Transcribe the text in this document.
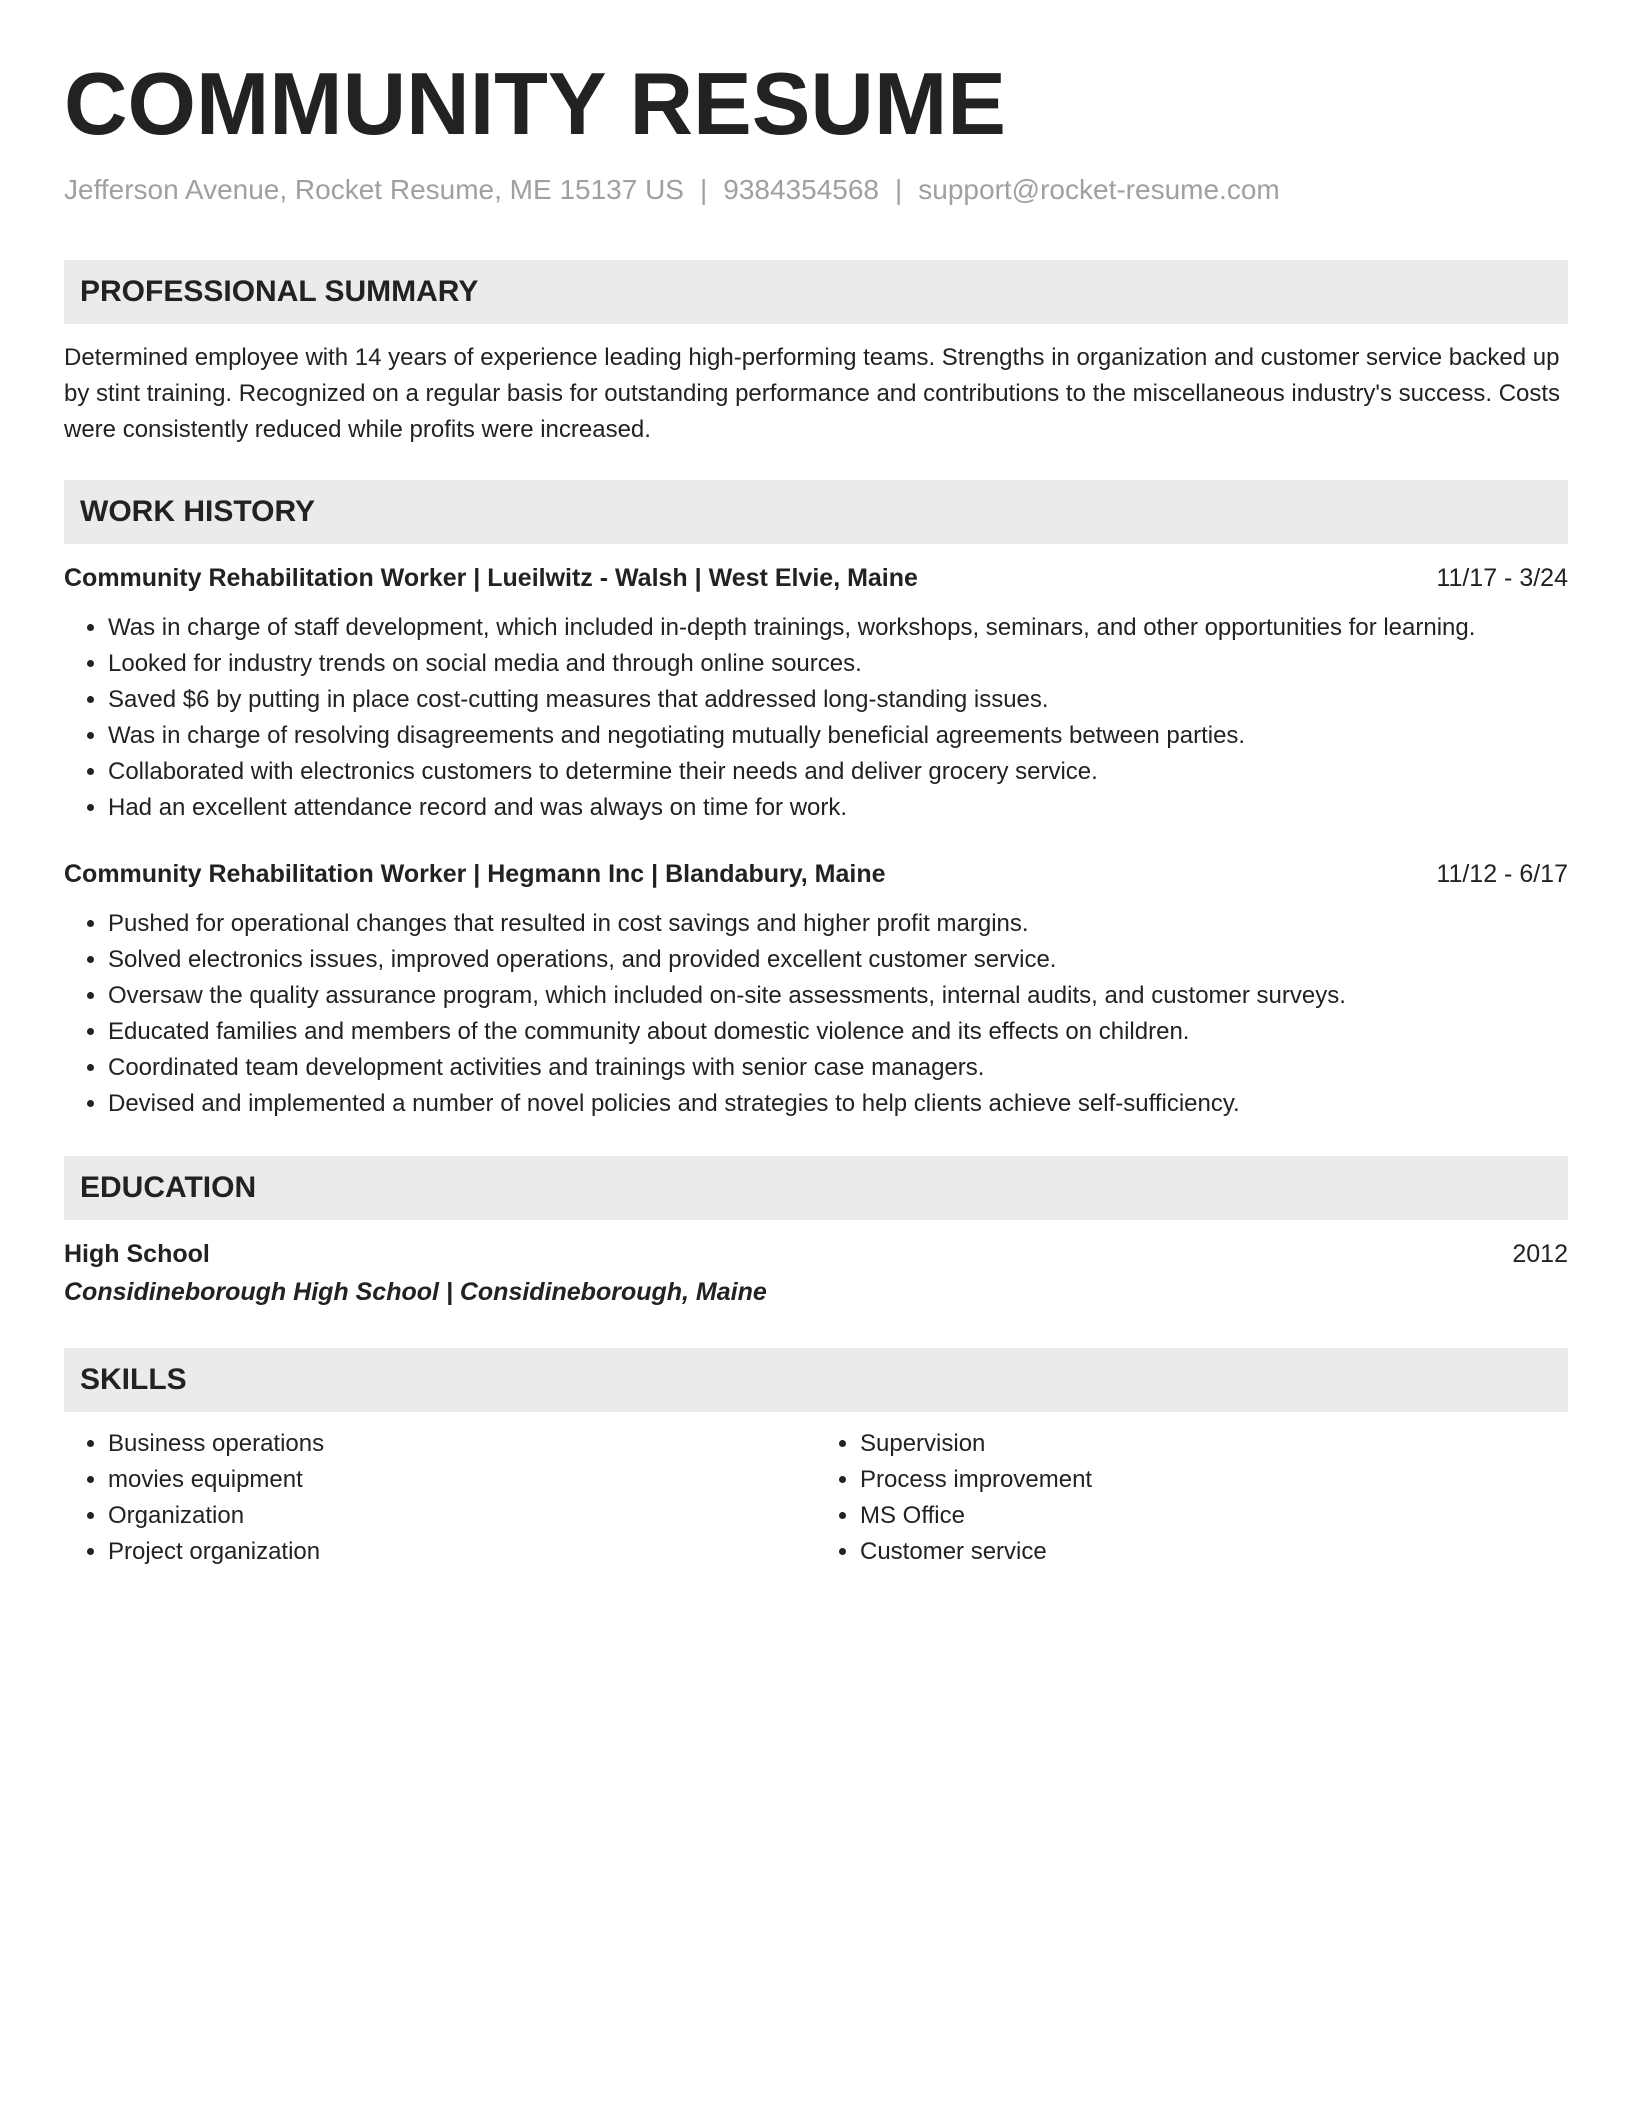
COMMUNITY RESUME
Jefferson Avenue, Rocket Resume, ME 15137 US | 9384354568 | support@rocket-resume.com
PROFESSIONAL SUMMARY
Determined employee with 14 years of experience leading high-performing teams. Strengths in organization and customer service backed up by stint training. Recognized on a regular basis for outstanding performance and contributions to the miscellaneous industry's success. Costs were consistently reduced while profits were increased.
WORK HISTORY
Community Rehabilitation Worker | Lueilwitz - Walsh | West Elvie, Maine	11/17 - 3/24
• Was in charge of staff development, which included in-depth trainings, workshops, seminars, and other opportunities for learning.
• Looked for industry trends on social media and through online sources.
• Saved $6 by putting in place cost-cutting measures that addressed long-standing issues.
• Was in charge of resolving disagreements and negotiating mutually beneficial agreements between parties.
• Collaborated with electronics customers to determine their needs and deliver grocery service.
• Had an excellent attendance record and was always on time for work.
Community Rehabilitation Worker | Hegmann Inc | Blandabury, Maine	11/12 - 6/17
• Pushed for operational changes that resulted in cost savings and higher profit margins.
• Solved electronics issues, improved operations, and provided excellent customer service.
• Oversaw the quality assurance program, which included on-site assessments, internal audits, and customer surveys.
• Educated families and members of the community about domestic violence and its effects on children.
• Coordinated team development activities and trainings with senior case managers.
• Devised and implemented a number of novel policies and strategies to help clients achieve self-sufficiency.
EDUCATION
High School	2012
Considineborough High School | Considineborough, Maine
SKILLS
• Business operations
• movies equipment
• Organization
• Project organization
• Supervision
• Process improvement
• MS Office
• Customer service
